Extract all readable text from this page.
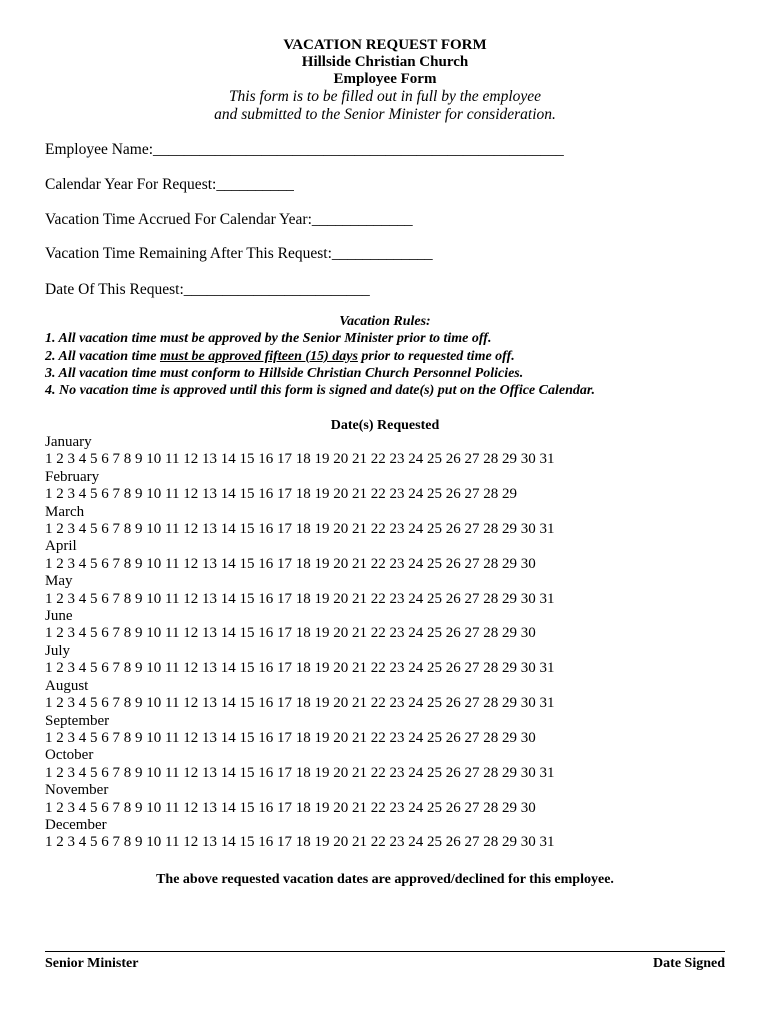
VACATION REQUEST FORM
Hillside Christian Church
Employee Form
This form is to be filled out in full by the employee
and submitted to the Senior Minister for consideration.
Employee Name:_____________________________________________________
Calendar Year For Request:__________
Vacation Time Accrued For Calendar Year:_____________
Vacation Time Remaining After This Request:_____________
Date Of This Request:________________________
Vacation Rules:
1. All vacation time must be approved by the Senior Minister prior to time off.
2. All vacation time must be approved fifteen (15) days prior to requested time off.
3. All vacation time must conform to Hillside Christian Church Personnel Policies.
4. No vacation time is approved until this form is signed and date(s) put on the Office Calendar.
Date(s) Requested
January
1 2 3 4 5 6 7 8 9 10 11 12 13 14 15 16 17 18 19 20 21 22 23 24 25 26 27 28 29 30 31
February
1 2 3 4 5 6 7 8 9 10 11 12 13 14 15 16 17 18 19 20 21 22 23 24 25 26 27 28 29
March
1 2 3 4 5 6 7 8 9 10 11 12 13 14 15 16 17 18 19 20 21 22 23 24 25 26 27 28 29 30 31
April
1 2 3 4 5 6 7 8 9 10 11 12 13 14 15 16 17 18 19 20 21 22 23 24 25 26 27 28 29 30
May
1 2 3 4 5 6 7 8 9 10 11 12 13 14 15 16 17 18 19 20 21 22 23 24 25 26 27 28 29 30 31
June
1 2 3 4 5 6 7 8 9 10 11 12 13 14 15 16 17 18 19 20 21 22 23 24 25 26 27 28 29 30
July
1 2 3 4 5 6 7 8 9 10 11 12 13 14 15 16 17 18 19 20 21 22 23 24 25 26 27 28 29 30 31
August
1 2 3 4 5 6 7 8 9 10 11 12 13 14 15 16 17 18 19 20 21 22 23 24 25 26 27 28 29 30 31
September
1 2 3 4 5 6 7 8 9 10 11 12 13 14 15 16 17 18 19 20 21 22 23 24 25 26 27 28 29 30
October
1 2 3 4 5 6 7 8 9 10 11 12 13 14 15 16 17 18 19 20 21 22 23 24 25 26 27 28 29 30 31
November
1 2 3 4 5 6 7 8 9 10 11 12 13 14 15 16 17 18 19 20 21 22 23 24 25 26 27 28 29 30
December
1 2 3 4 5 6 7 8 9 10 11 12 13 14 15 16 17 18 19 20 21 22 23 24 25 26 27 28 29 30 31
The above requested vacation dates are approved/declined for this employee.
Senior Minister	Date Signed
